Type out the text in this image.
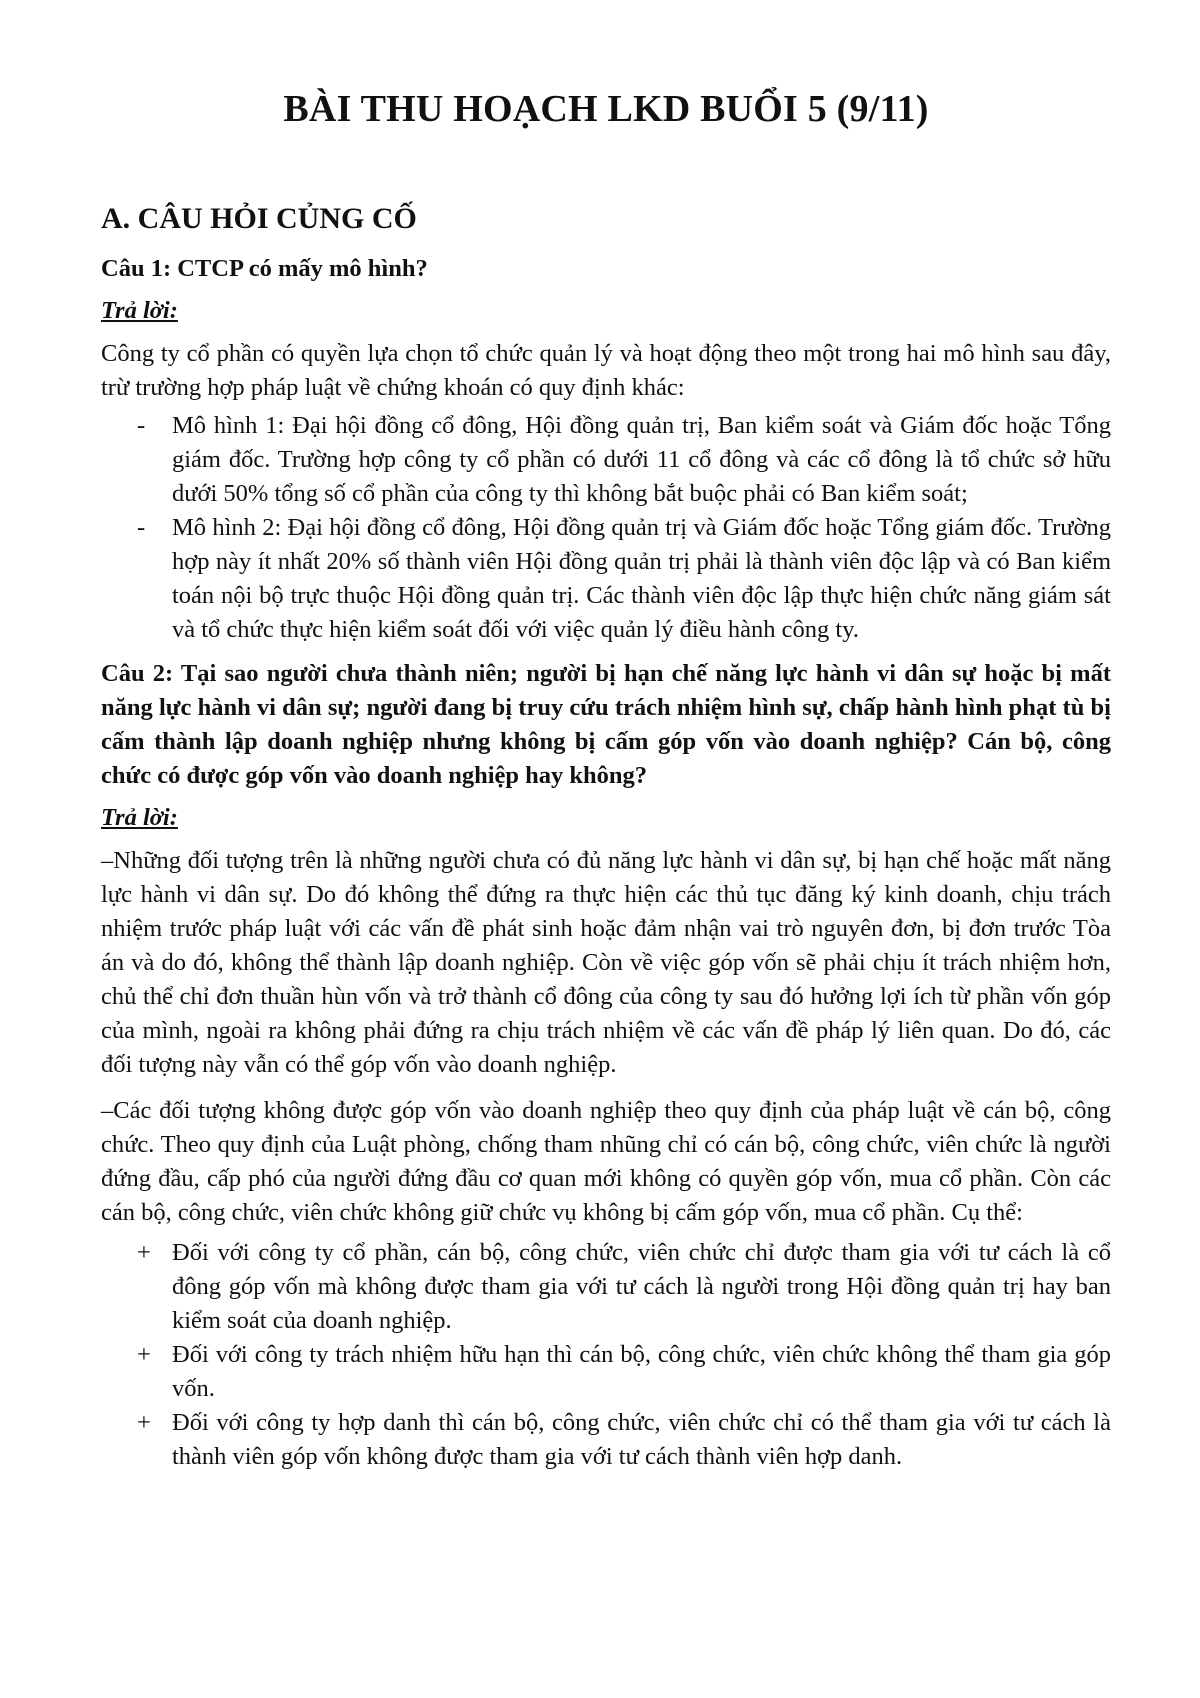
BÀI THU HOẠCH LKD BUỔI 5 (9/11)
A. CÂU HỎI CỦNG CỐ
Câu 1: CTCP có mấy mô hình?
Trả lời:
Công ty cổ phần có quyền lựa chọn tổ chức quản lý và hoạt động theo một trong hai mô hình sau đây, trừ trường hợp pháp luật về chứng khoán có quy định khác:
- Mô hình 1: Đại hội đồng cổ đông, Hội đồng quản trị, Ban kiểm soát và Giám đốc hoặc Tổng giám đốc. Trường hợp công ty cổ phần có dưới 11 cổ đông và các cổ đông là tổ chức sở hữu dưới 50% tổng số cổ phần của công ty thì không bắt buộc phải có Ban kiểm soát;
- Mô hình 2: Đại hội đồng cổ đông, Hội đồng quản trị và Giám đốc hoặc Tổng giám đốc. Trường hợp này ít nhất 20% số thành viên Hội đồng quản trị phải là thành viên độc lập và có Ban kiểm toán nội bộ trực thuộc Hội đồng quản trị. Các thành viên độc lập thực hiện chức năng giám sát và tổ chức thực hiện kiểm soát đối với việc quản lý điều hành công ty.
Câu 2: Tại sao người chưa thành niên; người bị hạn chế năng lực hành vi dân sự hoặc bị mất năng lực hành vi dân sự; người đang bị truy cứu trách nhiệm hình sự, chấp hành hình phạt tù bị cấm thành lập doanh nghiệp nhưng không bị cấm góp vốn vào doanh nghiệp? Cán bộ, công chức có được góp vốn vào doanh nghiệp hay không?
Trả lời:
–Những đối tượng trên là những người chưa có đủ năng lực hành vi dân sự, bị hạn chế hoặc mất năng lực hành vi dân sự. Do đó không thể đứng ra thực hiện các thủ tục đăng ký kinh doanh, chịu trách nhiệm trước pháp luật với các vấn đề phát sinh hoặc đảm nhận vai trò nguyên đơn, bị đơn trước Tòa án và do đó, không thể thành lập doanh nghiệp. Còn về việc góp vốn sẽ phải chịu ít trách nhiệm hơn, chủ thể chỉ đơn thuần hùn vốn và trở thành cổ đông của công ty sau đó hưởng lợi ích từ phần vốn góp của mình, ngoài ra không phải đứng ra chịu trách nhiệm về các vấn đề pháp lý liên quan. Do đó, các đối tượng này vẫn có thể góp vốn vào doanh nghiệp.
–Các đối tượng không được góp vốn vào doanh nghiệp theo quy định của pháp luật về cán bộ, công chức. Theo quy định của Luật phòng, chống tham nhũng chỉ có cán bộ, công chức, viên chức là người đứng đầu, cấp phó của người đứng đầu cơ quan mới không có quyền góp vốn, mua cổ phần. Còn các cán bộ, công chức, viên chức không giữ chức vụ không bị cấm góp vốn, mua cổ phần. Cụ thể:
+ Đối với công ty cổ phần, cán bộ, công chức, viên chức chỉ được tham gia với tư cách là cổ đông góp vốn mà không được tham gia với tư cách là người trong Hội đồng quản trị hay ban kiểm soát của doanh nghiệp.
+ Đối với công ty trách nhiệm hữu hạn thì cán bộ, công chức, viên chức không thể tham gia góp vốn.
+ Đối với công ty hợp danh thì cán bộ, công chức, viên chức chỉ có thể tham gia với tư cách là thành viên góp vốn không được tham gia với tư cách thành viên hợp danh.
